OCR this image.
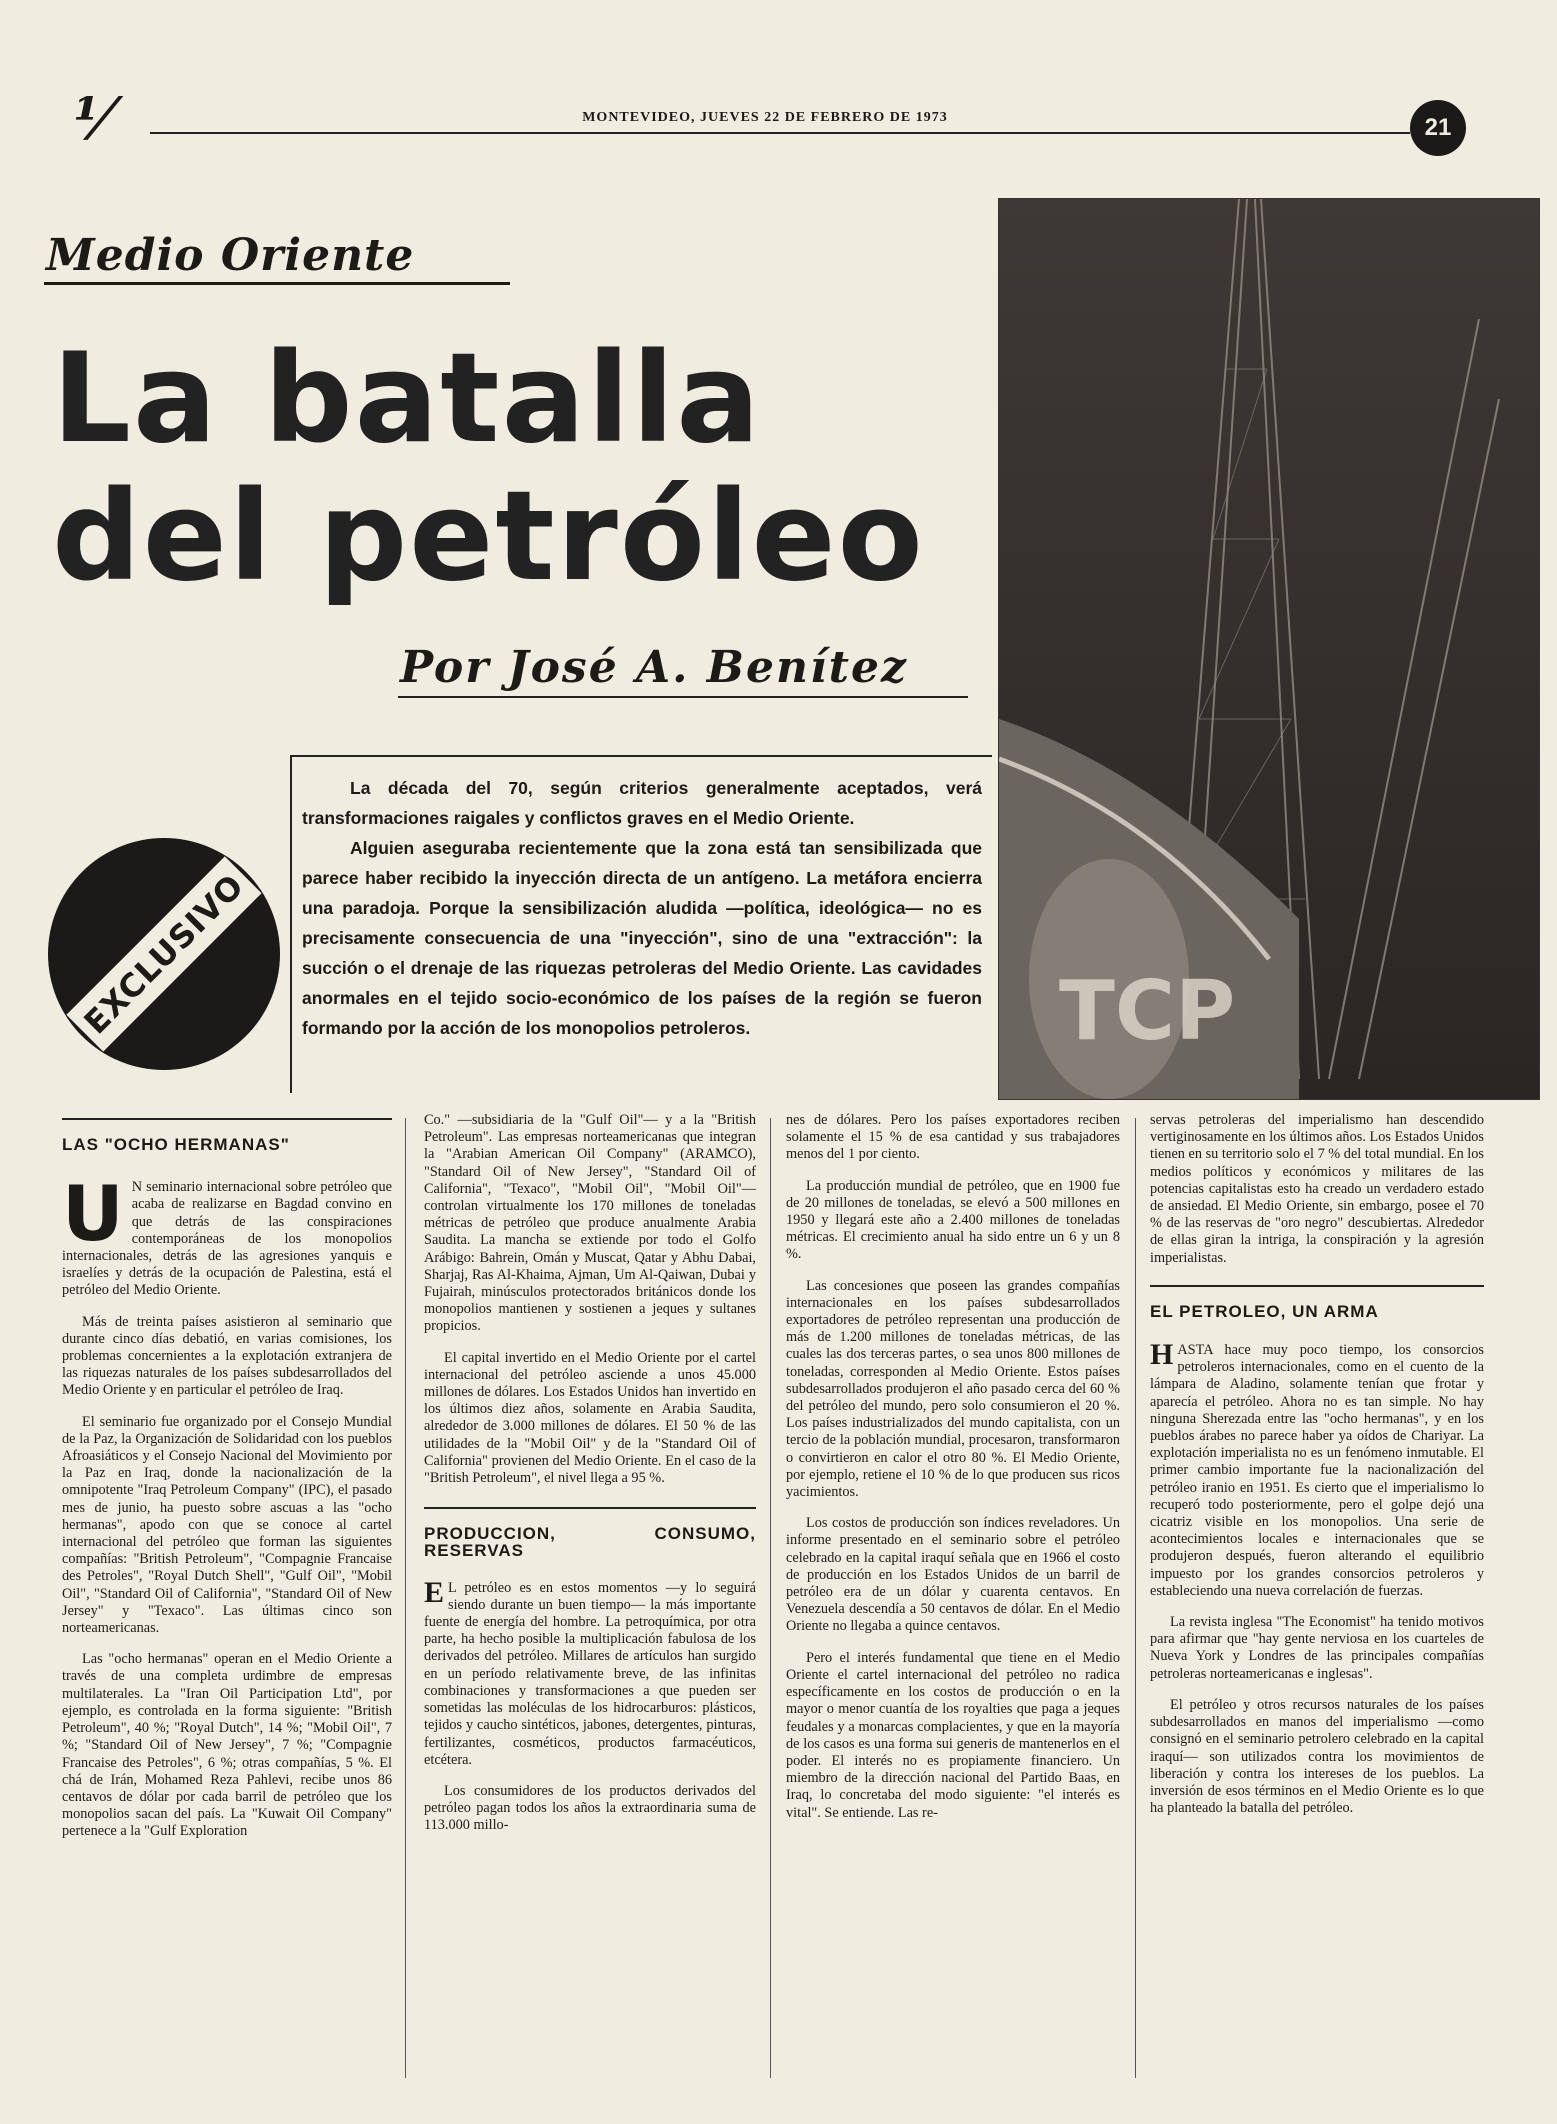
⅟	MONTEVIDEO, JUEVES 22 DE FEBRERO DE 1973	21
Medio Oriente
La batalla
del petróleo
Por José A. Benítez
TCP

La década del 70, según criterios generalmente aceptados, verá transformaciones raigales y conflictos graves en el Medio Oriente.

Alguien aseguraba recientemente que la zona está tan sensibilizada que parece haber recibido la inyección directa de un antígeno. La metáfora encierra una paradoja. Porque la sensibilización aludida —política, ideológica— no es precisamente consecuencia de una "inyección", sino de una "extracción": la succión o el drenaje de las riquezas petroleras del Medio Oriente. Las cavidades anormales en el tejido socio-económico de los países de la región se fueron formando por la acción de los monopolios petroleros.

EXCLUSIVO
LAS "OCHO HERMANAS"

U N seminario internacional sobre petróleo que acaba de realizarse en Bagdad convino en que detrás de las conspiraciones contemporáneas de los monopolios internacionales, detrás de las agresiones yanquis e israelíes y detrás de la ocupación de Palestina, está el petróleo del Medio Oriente.

Más de treinta países asistieron al seminario que durante cinco días debatió, en varias comisiones, los problemas concernientes a la explotación extranjera de las riquezas naturales de los países subdesarrollados del Medio Oriente y en particular el petróleo de Iraq.

El seminario fue organizado por el Consejo Mundial de la Paz, la Organización de Solidaridad con los pueblos Afroasiáticos y el Consejo Nacional del Movimiento por la Paz en Iraq, donde la nacionalización de la omnipotente "Iraq Petroleum Company" (IPC), el pasado mes de junio, ha puesto sobre ascuas a las "ocho hermanas", apodo con que se conoce al cartel internacional del petróleo que forman las siguientes compañías: "British Petroleum", "Compagnie Francaise des Petroles", "Royal Dutch Shell", "Gulf Oil", "Mobil Oil", "Standard Oil of California", "Standard Oil of New Jersey" y "Texaco". Las últimas cinco son norteamericanas.

Las "ocho hermanas" operan en el Medio Oriente a través de una completa urdimbre de empresas multilaterales. La "Iran Oil Participation Ltd", por ejemplo, es controlada en la forma siguiente: "British Petroleum", 40 %; "Royal Dutch", 14 %; "Mobil Oil", 7 %; "Standard Oil of New Jersey", 7 %; "Compagnie Francaise des Petroles", 6 %; otras compañías, 5 %. El chá de Irán, Mohamed Reza Pahlevi, recibe unos 86 centavos de dólar por cada barril de petróleo que los monopolios sacan del país. La "Kuwait Oil Company" pertenece a la "Gulf Exploration

Co." —subsidiaria de la "Gulf Oil"— y a la "British Petroleum". Las empresas norteamericanas que integran la "Arabian American Oil Company" (ARAMCO), "Standard Oil of New Jersey", "Standard Oil of California", "Texaco", "Mobil Oil", "Mobil Oil"— controlan virtualmente los 170 millones de toneladas métricas de petróleo que produce anualmente Arabia Saudita. La mancha se extiende por todo el Golfo Arábigo: Bahrein, Omán y Muscat, Qatar y Abhu Dabai, Sharjaj, Ras Al-Khaima, Ajman, Um Al-Qaiwan, Dubai y Fujairah, minúsculos protectorados británicos donde los monopolios mantienen y sostienen a jeques y sultanes propicios.

El capital invertido en el Medio Oriente por el cartel internacional del petróleo asciende a unos 45.000 millones de dólares. Los Estados Unidos han invertido en los últimos diez años, solamente en Arabia Saudita, alrededor de 3.000 millones de dólares. El 50 % de las utilidades de la "Mobil Oil" y de la "Standard Oil of California" provienen del Medio Oriente. En el caso de la "British Petroleum", el nivel llega a 95 %.

PRODUCCION, CONSUMO, RESERVAS

E L petróleo es en estos momentos —y lo seguirá siendo durante un buen tiempo— la más importante fuente de energía del hombre. La petroquímica, por otra parte, ha hecho posible la multiplicación fabulosa de los derivados del petróleo. Millares de artículos han surgido en un período relativamente breve, de las infinitas combinaciones y transformaciones a que pueden ser sometidas las moléculas de los hidrocarburos: plásticos, tejidos y caucho sintéticos, jabones, detergentes, pinturas, fertilizantes, cosméticos, productos farmacéuticos, etcétera.

Los consumidores de los productos derivados del petróleo pagan todos los años la extraordinaria suma de 113.000 millo-

nes de dólares. Pero los países exportadores reciben solamente el 15 % de esa cantidad y sus trabajadores menos del 1 por ciento.

La producción mundial de petróleo, que en 1900 fue de 20 millones de toneladas, se elevó a 500 millones en 1950 y llegará este año a 2.400 millones de toneladas métricas. El crecimiento anual ha sido entre un 6 y un 8 %.

Las concesiones que poseen las grandes compañías internacionales en los países subdesarrollados exportadores de petróleo representan una producción de más de 1.200 millones de toneladas métricas, de las cuales las dos terceras partes, o sea unos 800 millones de toneladas, corresponden al Medio Oriente. Estos países subdesarrollados produjeron el año pasado cerca del 60 % del petróleo del mundo, pero solo consumieron el 20 %. Los países industrializados del mundo capitalista, con un tercio de la población mundial, procesaron, transformaron o convirtieron en calor el otro 80 %. El Medio Oriente, por ejemplo, retiene el 10 % de lo que producen sus ricos yacimientos.

Los costos de producción son índices reveladores. Un informe presentado en el seminario sobre el petróleo celebrado en la capital iraquí señala que en 1966 el costo de producción en los Estados Unidos de un barril de petróleo era de un dólar y cuarenta centavos. En Venezuela descendía a 50 centavos de dólar. En el Medio Oriente no llegaba a quince centavos.

Pero el interés fundamental que tiene en el Medio Oriente el cartel internacional del petróleo no radica específicamente en los costos de producción o en la mayor o menor cuantía de los royalties que paga a jeques feudales y a monarcas complacientes, y que en la mayoría de los casos es una forma sui generis de mantenerlos en el poder. El interés no es propiamente financiero. Un miembro de la dirección nacional del Partido Baas, en Iraq, lo concretaba del modo siguiente: "el interés es vital". Se entiende. Las re-

servas petroleras del imperialismo han descendido vertiginosamente en los últimos años. Los Estados Unidos tienen en su territorio solo el 7 % del total mundial. En los medios políticos y económicos y militares de las potencias capitalistas esto ha creado un verdadero estado de ansiedad. El Medio Oriente, sin embargo, posee el 70 % de las reservas de "oro negro" descubiertas. Alrededor de ellas giran la intriga, la conspiración y la agresión imperialistas.

EL PETROLEO, UN ARMA

H ASTA hace muy poco tiempo, los consorcios petroleros internacionales, como en el cuento de la lámpara de Aladino, solamente tenían que frotar y aparecía el petróleo. Ahora no es tan simple. No hay ninguna Sherezada entre las "ocho hermanas", y en los pueblos árabes no parece haber ya oídos de Chariyar. La explotación imperialista no es un fenómeno inmutable. El primer cambio importante fue la nacionalización del petróleo iranio en 1951. Es cierto que el imperialismo lo recuperó todo posteriormente, pero el golpe dejó una cicatriz visible en los monopolios. Una serie de acontecimientos locales e internacionales que se produjeron después, fueron alterando el equilibrio impuesto por los grandes consorcios petroleros y estableciendo una nueva correlación de fuerzas.

La revista inglesa "The Economist" ha tenido motivos para afirmar que "hay gente nerviosa en los cuarteles de Nueva York y Londres de las principales compañías petroleras norteamericanas e inglesas".

El petróleo y otros recursos naturales de los países subdesarrollados en manos del imperialismo —como consignó en el seminario petrolero celebrado en la capital iraquí— son utilizados contra los movimientos de liberación y contra los intereses de los pueblos. La inversión de esos términos en el Medio Oriente es lo que ha planteado la batalla del petróleo.
